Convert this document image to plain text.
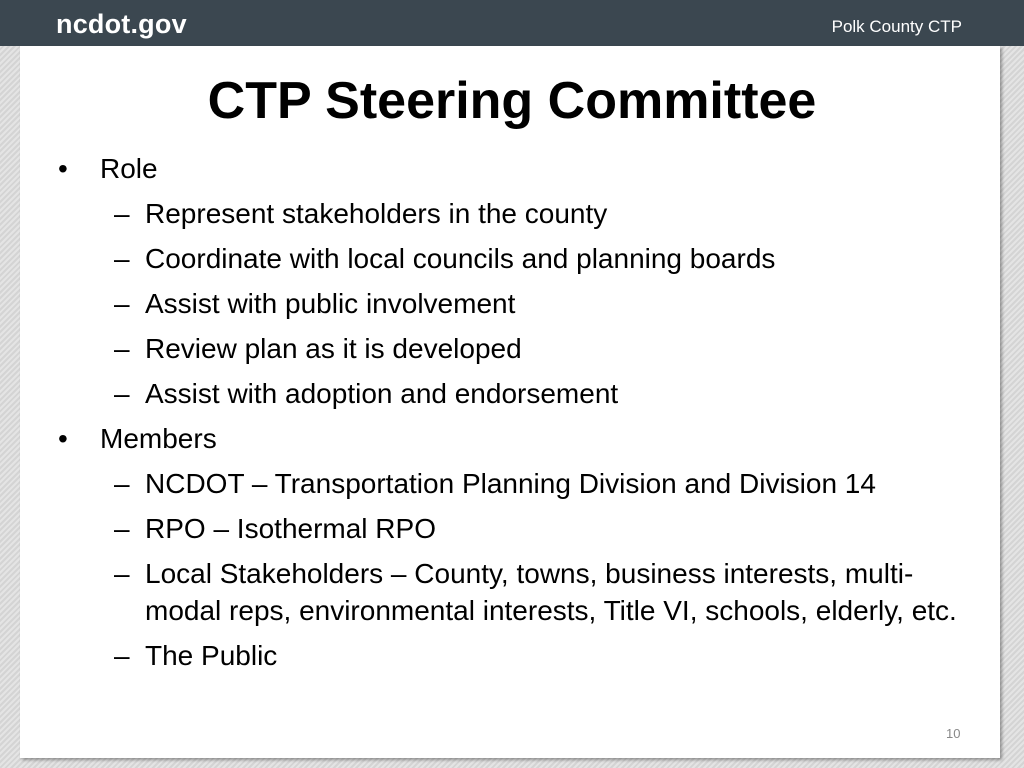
ncdot.gov	Polk County CTP
CTP Steering Committee
•	Role
– Represent stakeholders in the county
– Coordinate with local councils and planning boards
– Assist with public involvement
– Review plan as it is developed
– Assist with adoption and endorsement
•	Members
– NCDOT – Transportation Planning Division and Division 14
– RPO – Isothermal RPO
– Local Stakeholders – County, towns, business interests, multi-modal reps, environmental interests, Title VI, schools, elderly, etc.
– The Public
10
